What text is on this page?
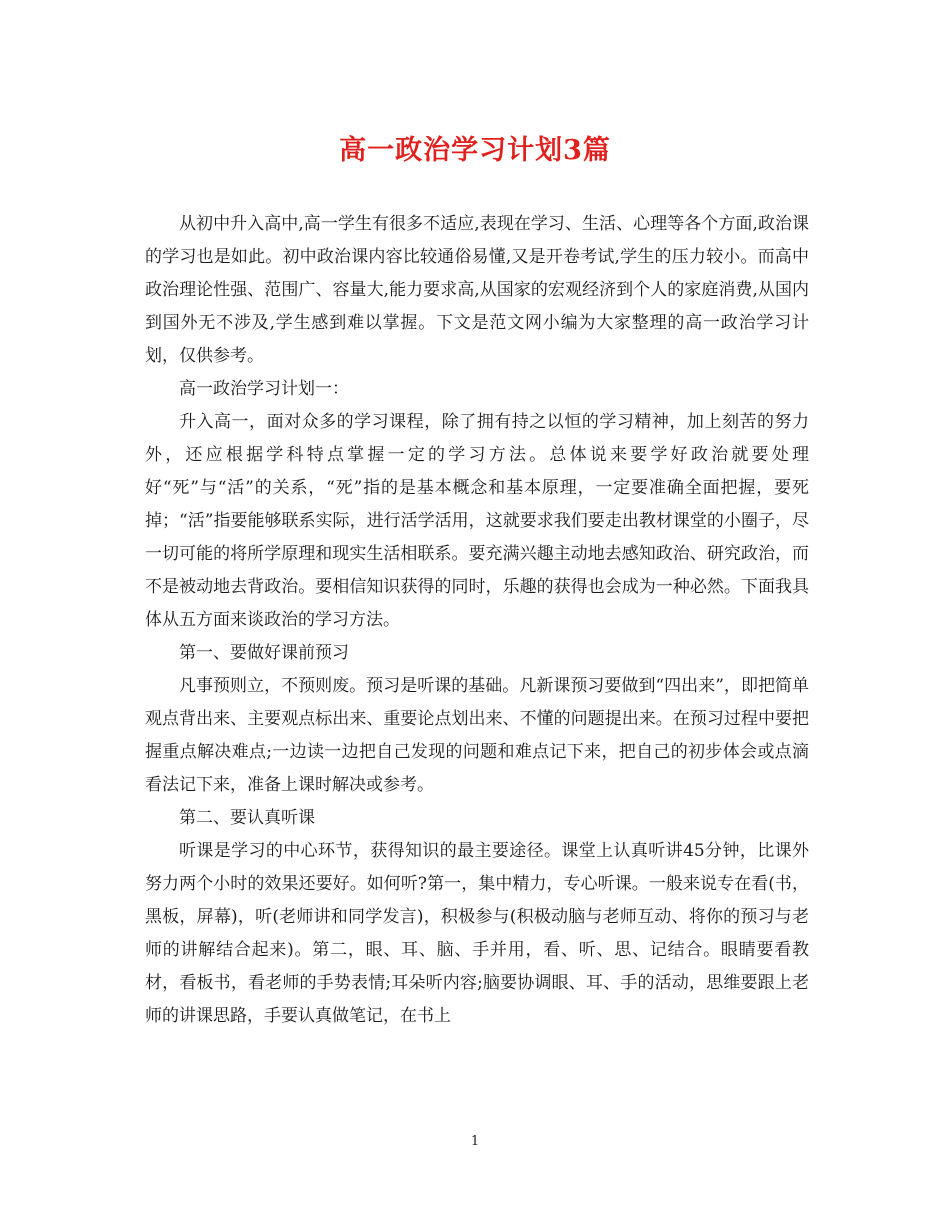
高一政治学习计划3篇

从初中升入高中,高一学生有很多不适应,表现在学习、生活、心理等各个方面,政治课的学习也是如此。初中政治课内容比较通俗易懂,又是开卷考试,学生的压力较小。而高中政治理论性强、范围广、容量大,能力要求高,从国家的宏观经济到个人的家庭消费,从国内到国外无不涉及,学生感到难以掌握。下文是范文网小编为大家整理的高一政治学习计划，仅供参考。

高一政治学习计划一：

升入高一，面对众多的学习课程，除了拥有持之以恒的学习精神，加上刻苦的努力外，还应根据学科特点掌握一定的学习方法。总体说来要学好政治就要处理好“死”与“活”的关系，“死”指的是基本概念和基本原理，一定要准确全面把握，要死掉；“活”指要能够联系实际，进行活学活用，这就要求我们要走出教材课堂的小圈子，尽一切可能的将所学原理和现实生活相联系。要充满兴趣主动地去感知政治、研究政治，而不是被动地去背政治。要相信知识获得的同时，乐趣的获得也会成为一种必然。下面我具体从五方面来谈政治的学习方法。

第一、要做好课前预习

凡事预则立，不预则废。预习是听课的基础。凡新课预习要做到“四出来”，即把简单观点背出来、主要观点标出来、重要论点划出来、不懂的问题提出来。在预习过程中要把握重点解决难点;一边读一边把自己发现的问题和难点记下来，把自己的初步体会或点滴看法记下来，准备上课时解决或参考。

第二、要认真听课

听课是学习的中心环节，获得知识的最主要途径。课堂上认真听讲45分钟，比课外努力两个小时的效果还要好。如何听?第一，集中精力，专心听课。一般来说专在看(书，黑板，屏幕)，听(老师讲和同学发言)，积极参与(积极动脑与老师互动、将你的预习与老师的讲解结合起来)。第二，眼、耳、脑、手并用，看、听、思、记结合。眼睛要看教材，看板书，看老师的手势表情;耳朵听内容;脑要协调眼、耳、手的活动，思维要跟上老师的讲课思路，手要认真做笔记，在书上

1
